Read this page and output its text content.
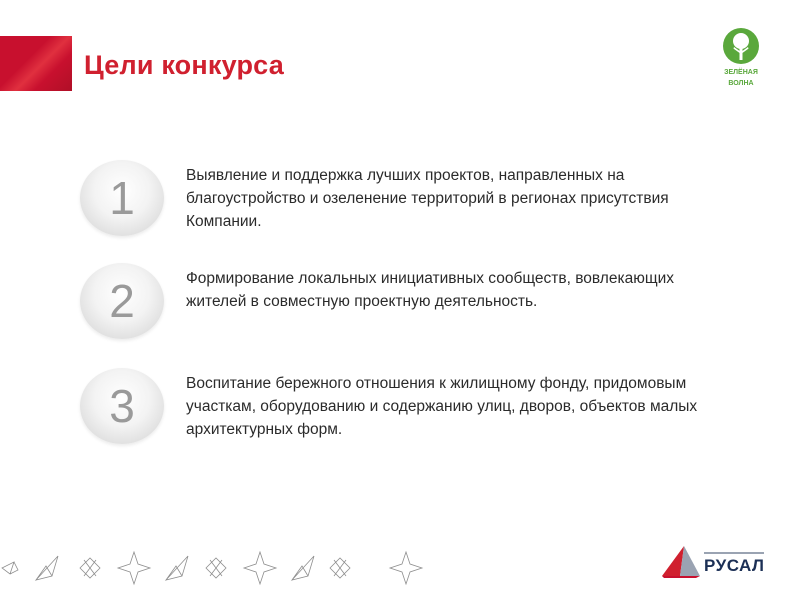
Цели конкурса	ЗЕЛЁНАЯ
ВОЛНА
1	Выявление и поддержка лучших проектов, направленных на благоустройство и озеленение территорий в регионах присутствия Компании.
2	Формирование локальных инициативных сообществ, вовлекающих жителей в совместную проектную деятельность.
3	Воспитание бережного отношения к жилищному фонду, придомовым участкам, оборудованию и содержанию улиц, дворов, объектов малых архитектурных форм.
РУСАЛ
